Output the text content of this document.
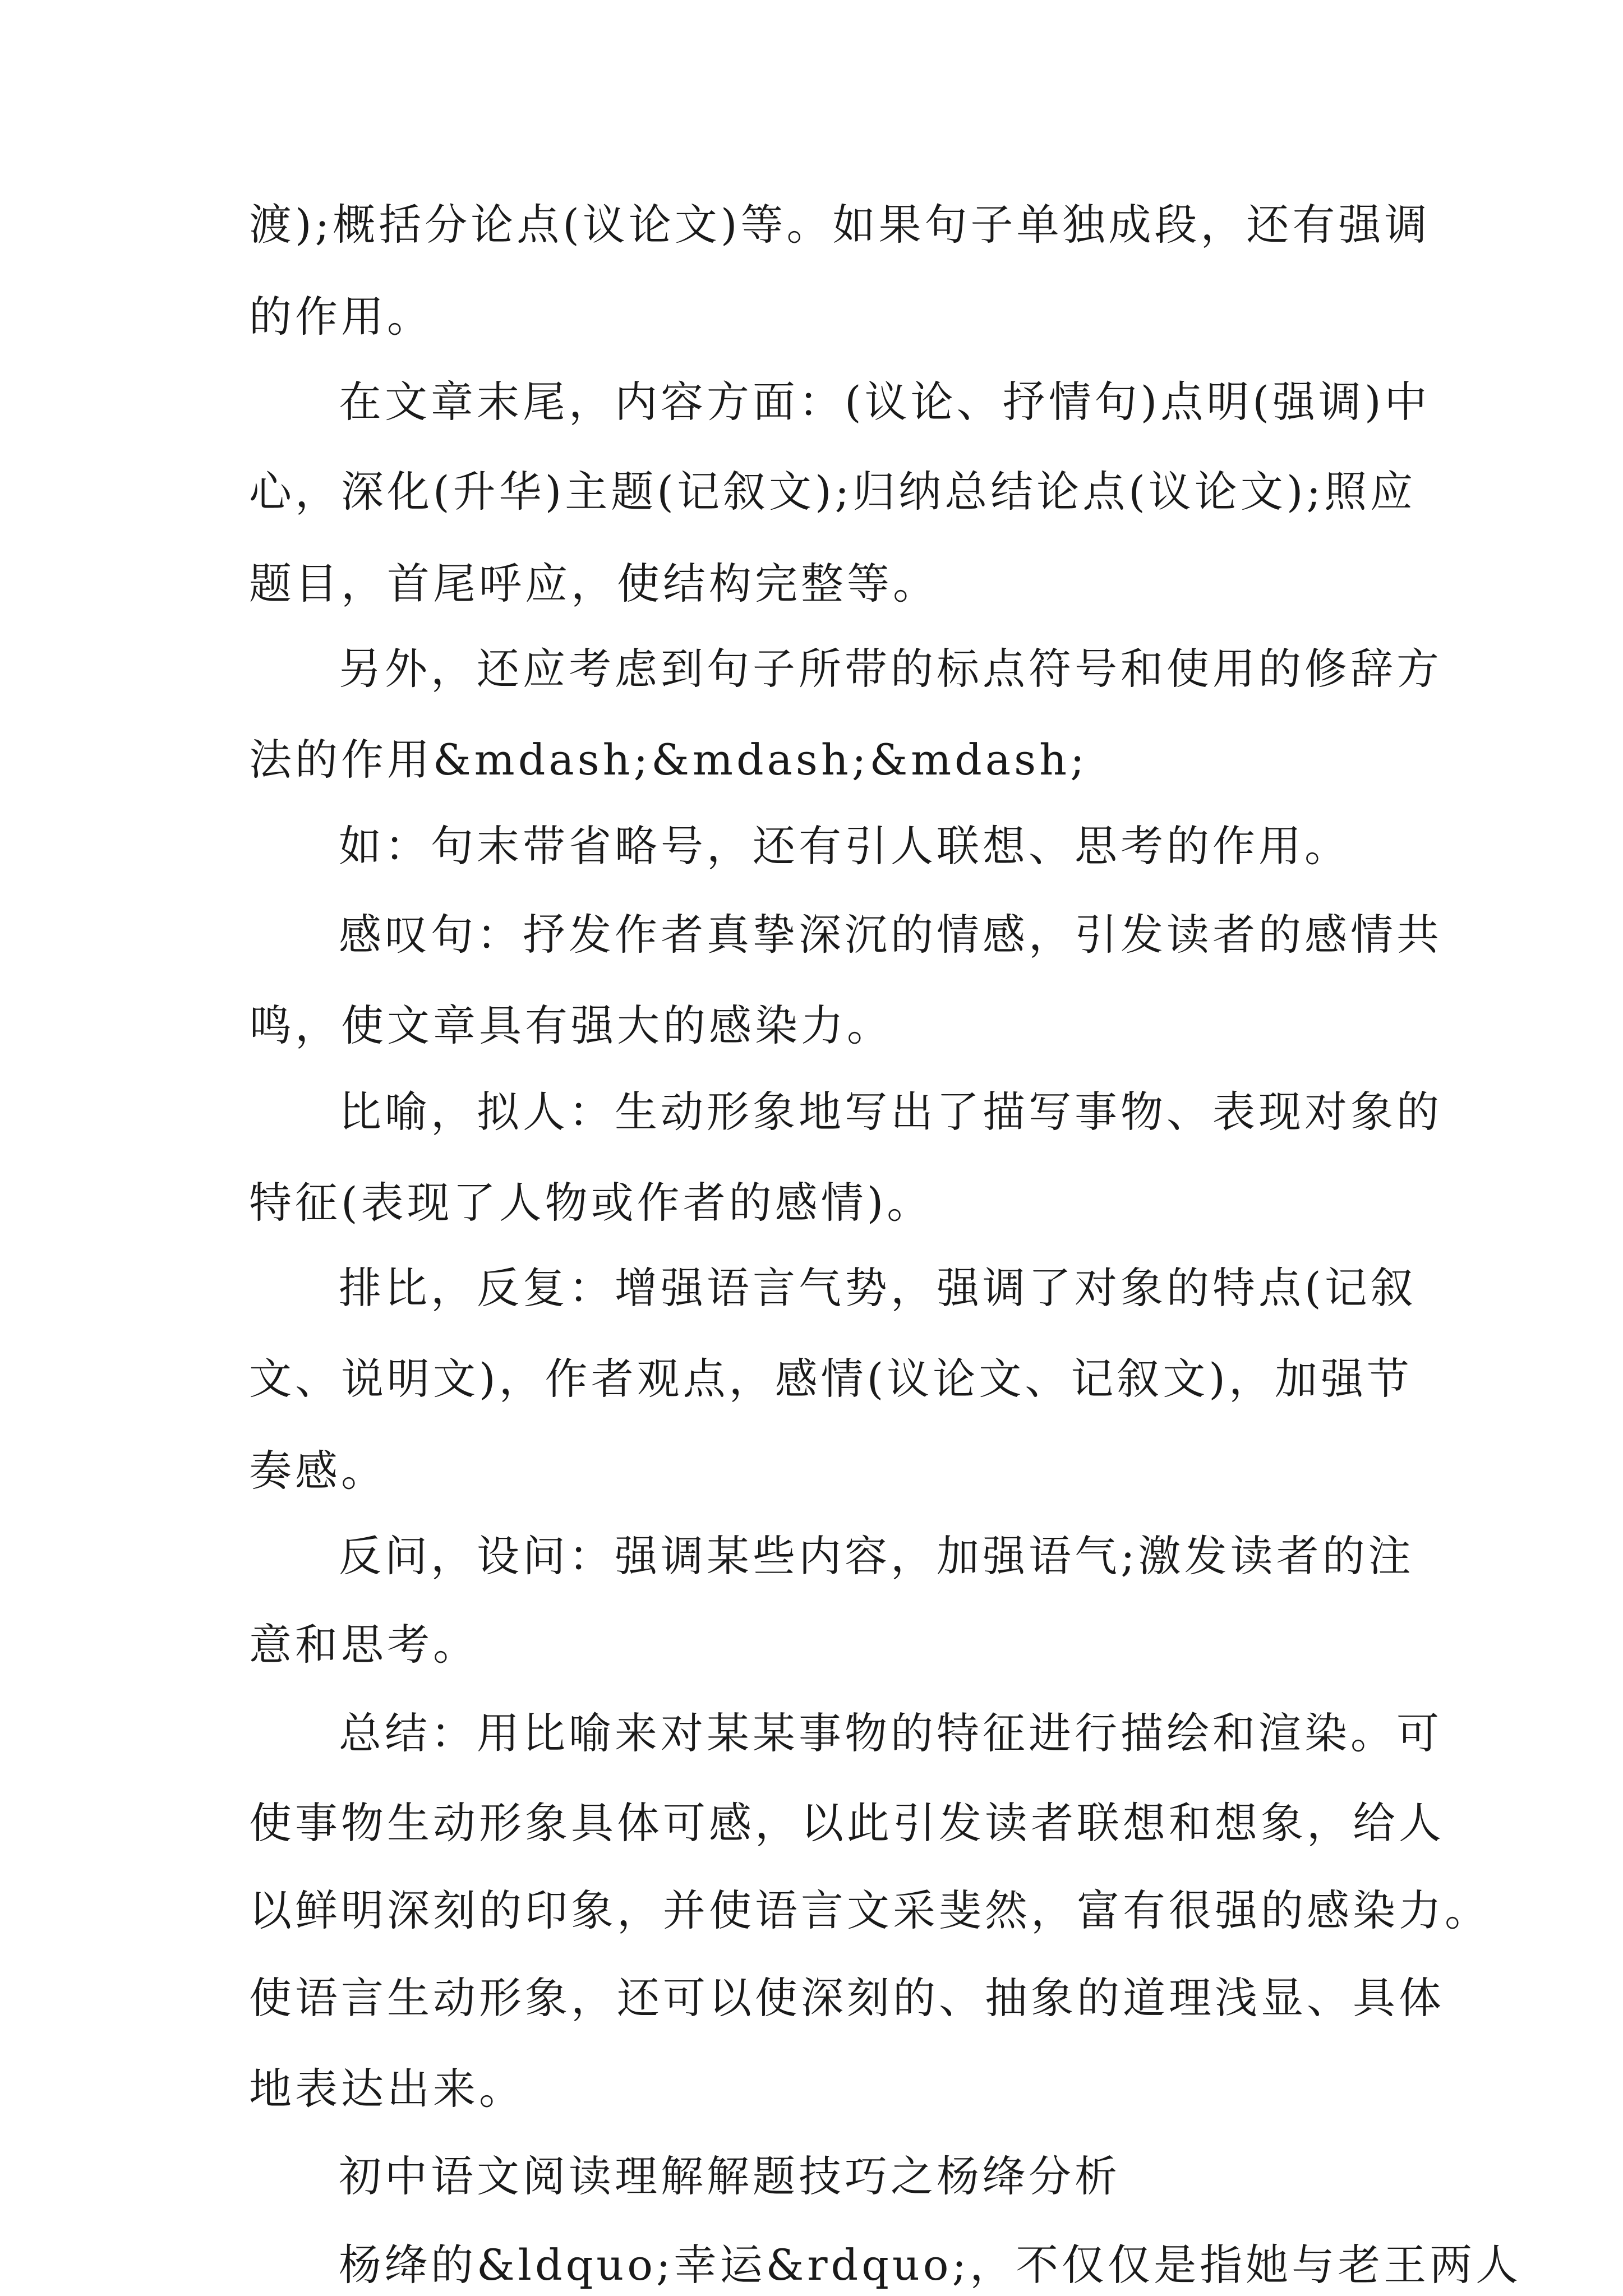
渡);概括分论点(议论文)等。如果句子单独成段，还有强调
的作用。
在文章末尾，内容方面：(议论、抒情句)点明(强调)中
心，深化(升华)主题(记叙文);归纳总结论点(议论文);照应
题目，首尾呼应，使结构完整等。
另外，还应考虑到句子所带的标点符号和使用的修辞方
法的作用&mdash;&mdash;&mdash;
如：句末带省略号，还有引人联想、思考的作用。
感叹句：抒发作者真挚深沉的情感，引发读者的感情共
鸣，使文章具有强大的感染力。
比喻，拟人：生动形象地写出了描写事物、表现对象的
特征(表现了人物或作者的感情)。
排比，反复：增强语言气势，强调了对象的特点(记叙
文、说明文)，作者观点，感情(议论文、记叙文)，加强节
奏感。
反问，设问：强调某些内容，加强语气;激发读者的注
意和思考。
总结：用比喻来对某某事物的特征进行描绘和渲染。可
使事物生动形象具体可感，以此引发读者联想和想象，给人
以鲜明深刻的印象，并使语言文采斐然，富有很强的感染力。
使语言生动形象，还可以使深刻的、抽象的道理浅显、具体
地表达出来。
初中语文阅读理解解题技巧之杨绛分析
杨绛的&ldquo;幸运&rdquo;，不仅仅是指她与老王两人
